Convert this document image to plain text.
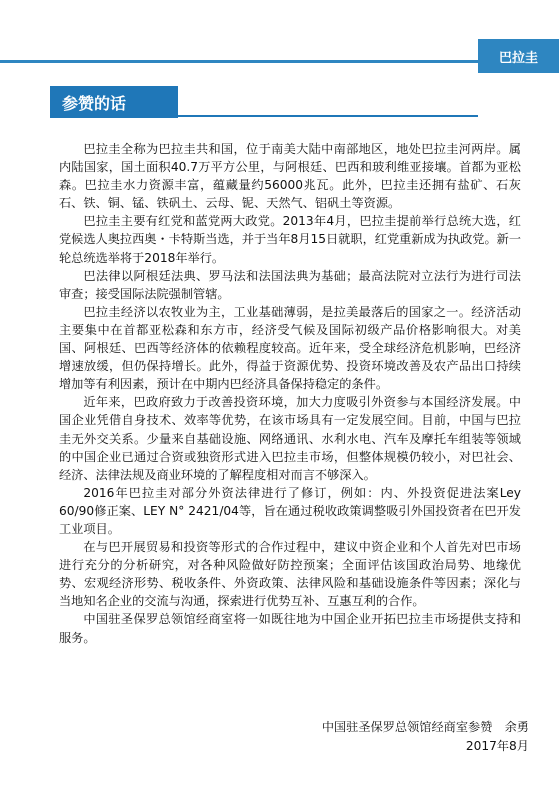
巴拉圭
参赞的话

巴拉圭全称为巴拉圭共和国，位于南美大陆中南部地区，地处巴拉圭河两岸。属内陆国家，国土面积40.7万平方公里，与阿根廷、巴西和玻利维亚接壤。首都为亚松森。巴拉圭水力资源丰富，蕴藏量约56000兆瓦。此外，巴拉圭还拥有盐矿、石灰石、铁、铜、锰、铁矾土、云母、铌、天然气、铝矾土等资源。

巴拉圭主要有红党和蓝党两大政党。2013年4月，巴拉圭提前举行总统大选，红党候选人奥拉西奥・卡特斯当选，并于当年8月15日就职，红党重新成为执政党。新一轮总统选举将于2018年举行。

巴法律以阿根廷法典、罗马法和法国法典为基础；最高法院对立法行为进行司法审查；接受国际法院强制管辖。

巴拉圭经济以农牧业为主，工业基础薄弱，是拉美最落后的国家之一。经济活动主要集中在首都亚松森和东方市，经济受气候及国际初级产品价格影响很大。对美国、阿根廷、巴西等经济体的依赖程度较高。近年来，受全球经济危机影响，巴经济增速放缓，但仍保持增长。此外，得益于资源优势、投资环境改善及农产品出口持续增加等有利因素，预计在中期内巴经济具备保持稳定的条件。

近年来，巴政府致力于改善投资环境，加大力度吸引外资参与本国经济发展。中国企业凭借自身技术、效率等优势，在该市场具有一定发展空间。目前，中国与巴拉圭无外交关系。少量来自基础设施、网络通讯、水利水电、汽车及摩托车组装等领域的中国企业已通过合资或独资形式进入巴拉圭市场，但整体规模仍较小，对巴社会、经济、法律法规及商业环境的了解程度相对而言不够深入。

2016年巴拉圭对部分外资法律进行了修订，例如：内、外投资促进法案Ley 60/90修正案、LEY N° 2421/04等，旨在通过税收政策调整吸引外国投资者在巴开发工业项目。

在与巴开展贸易和投资等形式的合作过程中，建议中资企业和个人首先对巴市场进行充分的分析研究，对各种风险做好防控预案；全面评估该国政治局势、地缘优势、宏观经济形势、税收条件、外资政策、法律风险和基础设施条件等因素；深化与当地知名企业的交流与沟通，探索进行优势互补、互惠互利的合作。

中国驻圣保罗总领馆经商室将一如既往地为中国企业开拓巴拉圭市场提供支持和服务。

中国驻圣保罗总领馆经商室参赞　余勇
2017年8月
